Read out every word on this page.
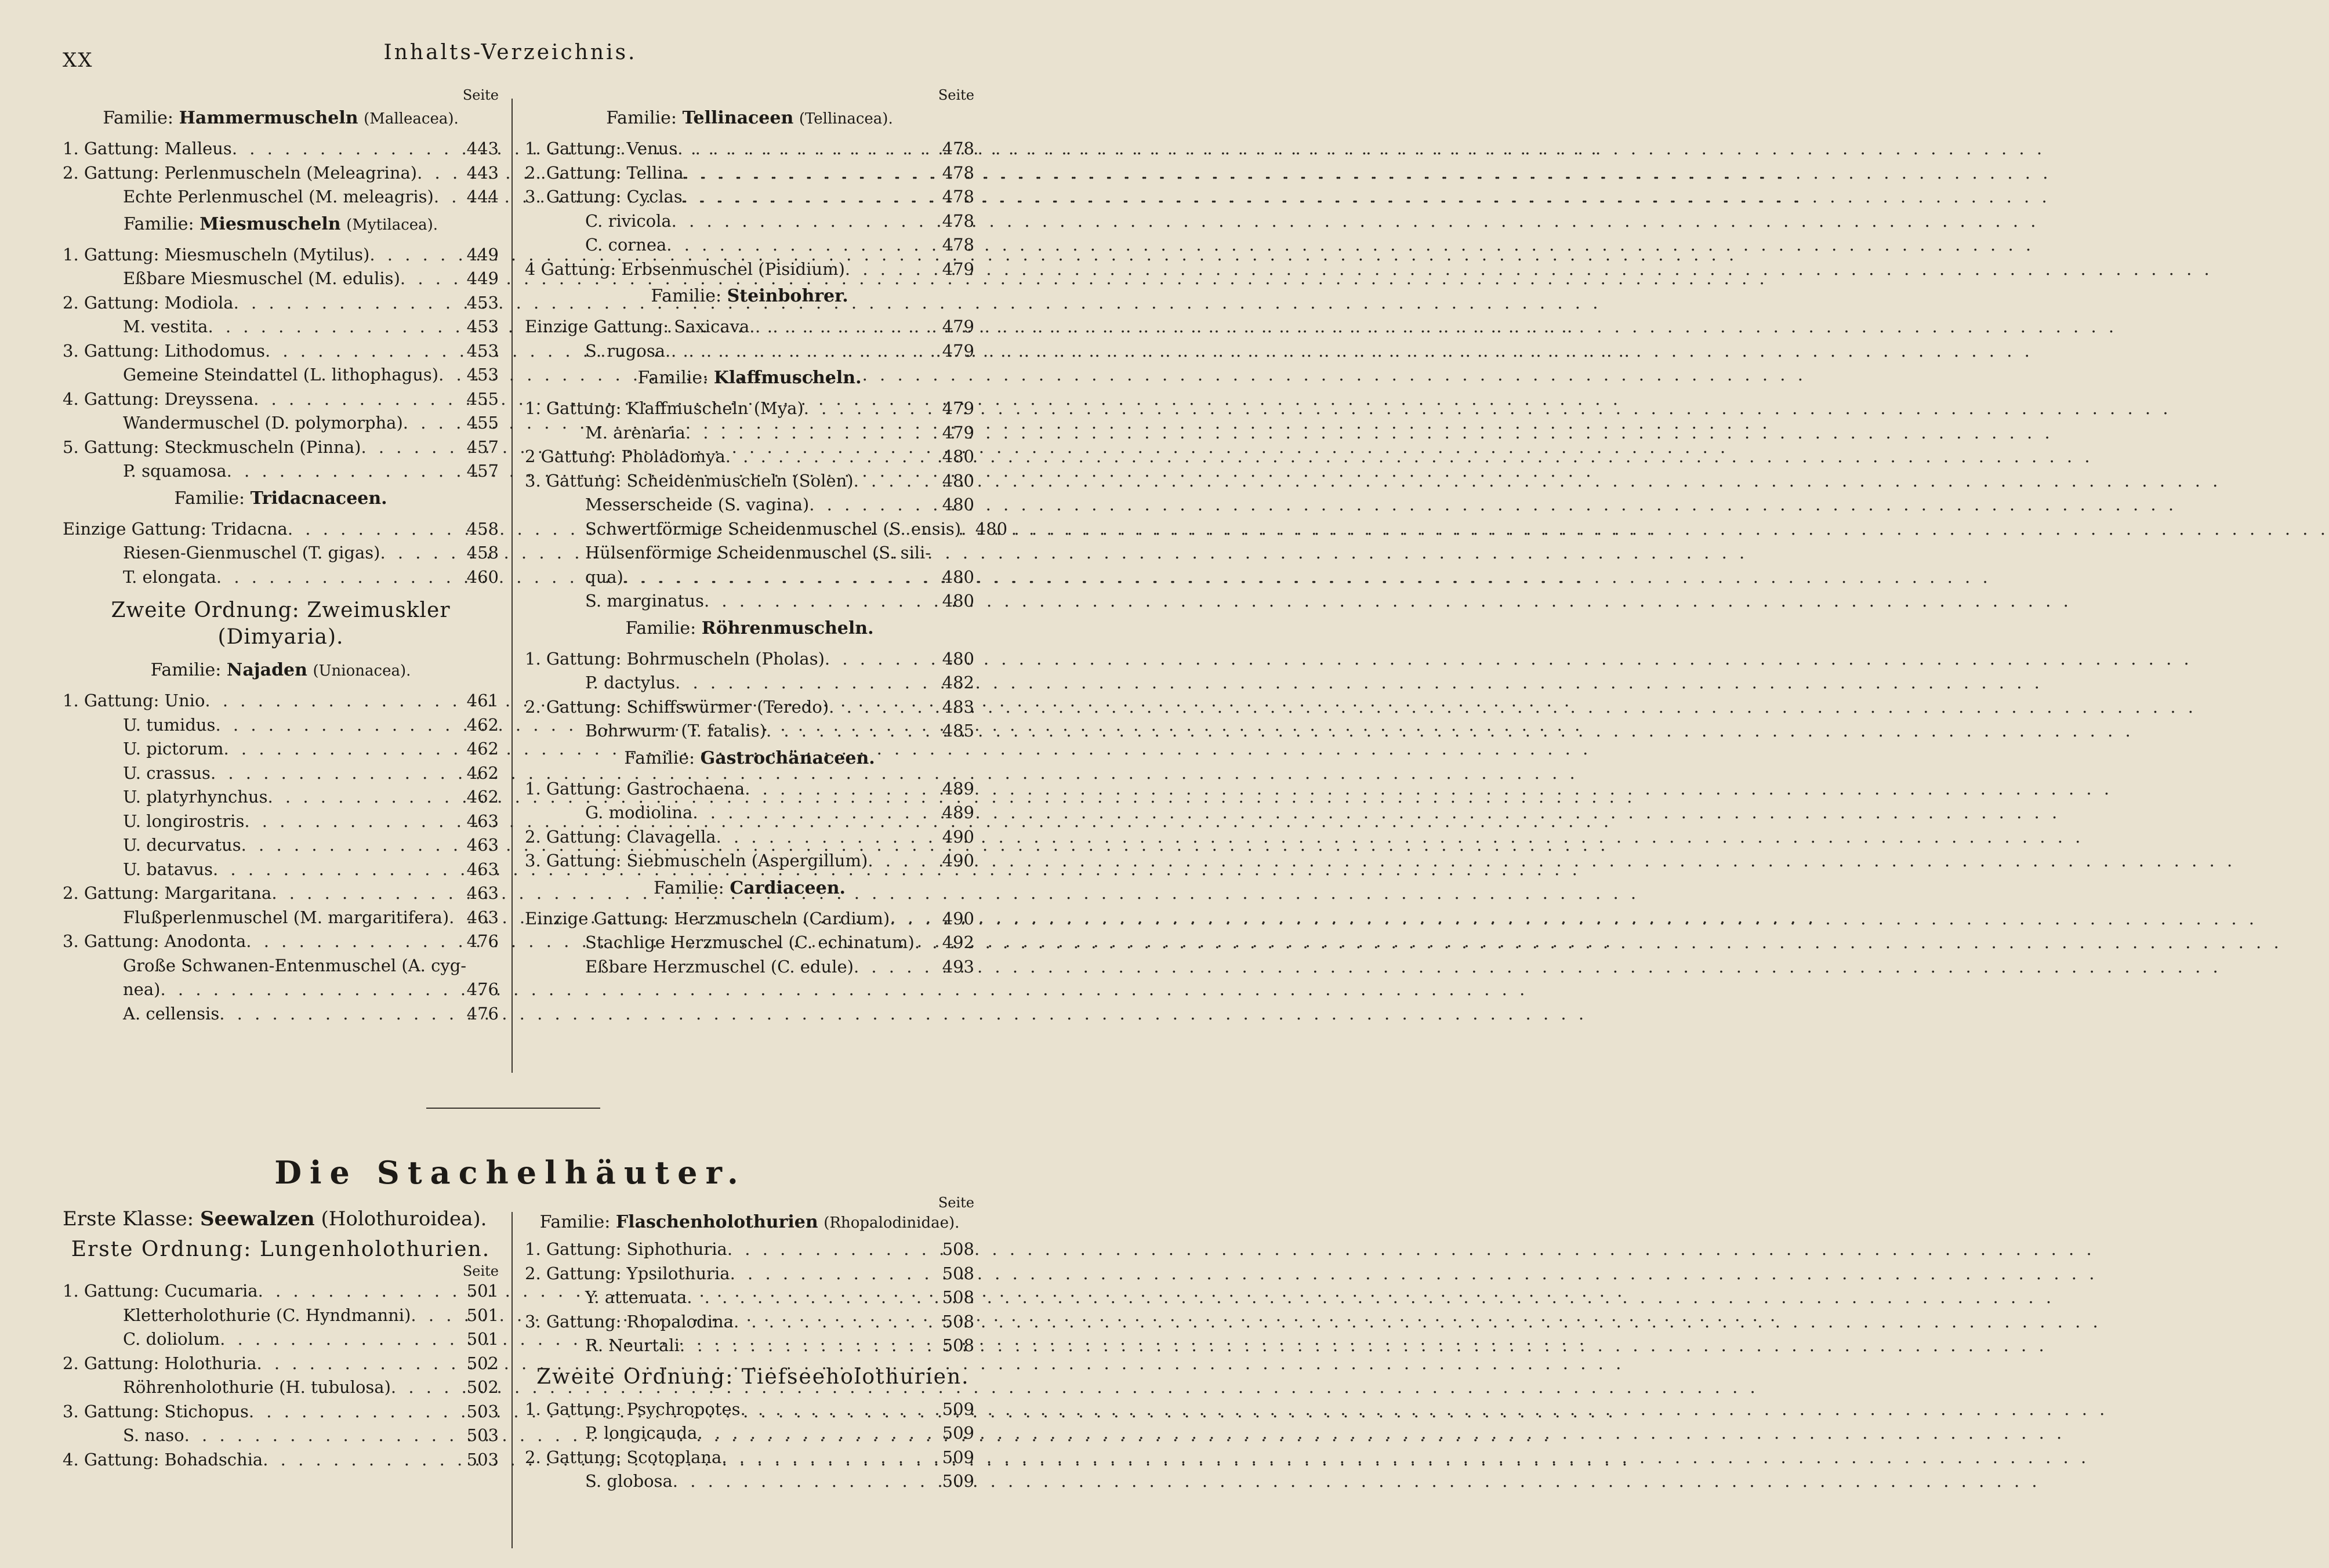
XX	Inhalts-Verzeichnis.
Seite
Familie: Hammermuscheln (Malleacea).
1. Gattung: Malleus . . .	443
2. Gattung: Perlenmuscheln (Meleagrina) . . .	443
Echte Perlenmuschel (M. meleagris) . . . 444
Familie: Miesmuscheln (Mytilacea).
1. Gattung: Miesmuscheln (Mytilus) . . .	449
Eßbare Miesmuschel (M. edulis) . . .	449
2. Gattung: Modiola . . .	453
M. vestita . . .	453
3. Gattung: Lithodomus . . .	453
Gemeine Steindattel (L. lithophagus) . . . 453
4. Gattung: Dreyssena . . .	455
Wandermuschel (D. polymorpha) . . .	455
5. Gattung: Steckmuscheln (Pinna) . . .	457
P. squamosa . . .	457
Familie: Tridacnaceen.
Einzige Gattung: Tridacna . . .	458
Riesen-Gienmuschel (T. gigas) . . .	458
T. elongata . . .	460
Zweite Ordnung: Zweimuskler
(Dimyaria).
Familie: Najaden (Unionacea).
1. Gattung: Unio . . .	461
U. tumidus . . .	462
U. pictorum . . .	462
U. crassus . . .	462
U. platyrhynchus . . .	462
U. longirostris . . .	463
U. decurvatus . . .	463
U. batavus . . .	463
2. Gattung: Margaritana . . .	463
Flußperlenmuschel (M. margaritifera) . . . 463
3. Gattung: Anodonta . . .	476
Große Schwanen-Entenmuschel (A. cyg-
nea) . . .	476
A. cellensis . . .	476
Seite
Familie: Tellinaceen (Tellinacea).
1. Gattung: Venus . . .	478
2. Gattung: Tellina . . .	478
3. Gattung: Cyclas . . .	478
C. rivicola . . .	478
C. cornea . . .	478
4 Gattung: Erbsenmuschel (Pisidium) . . .	479
Familie: Steinbohrer.
Einzige Gattung: Saxicava . . .	479
S. rugosa . . .	479
Familie: Klaffmuscheln.
1. Gattung: Klaffmuscheln (Mya) . . .	479
M. arenaria . . .	479
2 Gattung: Pholadomya . . .	480
3. Gattung: Scheidenmuscheln (Solen) . . .	480
Messerscheide (S. vagina) . . .	480
Schwertförmige Scheidenmuschel (S. ensis) . . . 480
Hülsenförmige Scheidenmuschel (S. sili-
qua) . . .	480
S. marginatus . . .	480
Familie: Röhrenmuscheln.
1. Gattung: Bohrmuscheln (Pholas) . . .	480
P. dactylus . . .	482
2. Gattung: Schiffswürmer (Teredo) . . .	483
Bohrwurm (T. fatalis) . . .	485
Familie: Gastrochänaceen.
1. Gattung: Gastrochaena . . .	489
G. modiolina . . .	489
2. Gattung: Clavagella . . .	490
3. Gattung: Siebmuscheln (Aspergillum) . . .	490
Familie: Cardiaceen.
Einzige Gattung: Herzmuscheln (Cardium) . . .	490
Stachlige Herzmuschel (C. echinatum) . . . 492
Eßbare Herzmuschel (C. edule) . . .	493
Die Stachelhäuter.
Erste Klasse: Seewalzen (Holothuroidea).
Erste Ordnung: Lungenholothurien.
Seite
1. Gattung: Cucumaria . . .	501
Kletterholothurie (C. Hyndmanni) . . .	501
C. doliolum . . .	501
2. Gattung: Holothuria . . .	502
Röhrenholothurie (H. tubulosa) . . .	502
3. Gattung: Stichopus . . .	503
S. naso . . .	503
4. Gattung: Bohadschia . . .	503
Seite
Familie: Flaschenholothurien (Rhopalodinidae).
1. Gattung: Siphothuria . . .	508
2. Gattung: Ypsilothuria . . .	508
Y. attenuata . . .	508
3. Gattung: Rhopalodina . . .	508
R. Neurtali . . .	508
Zweite Ordnung: Tiefseeholothurien.
1. Gattung: Psychropotes . . .	509
P. longicauda . . .	509
2. Gattung: Scotoplana . . .	509
S. globosa . . .	509
